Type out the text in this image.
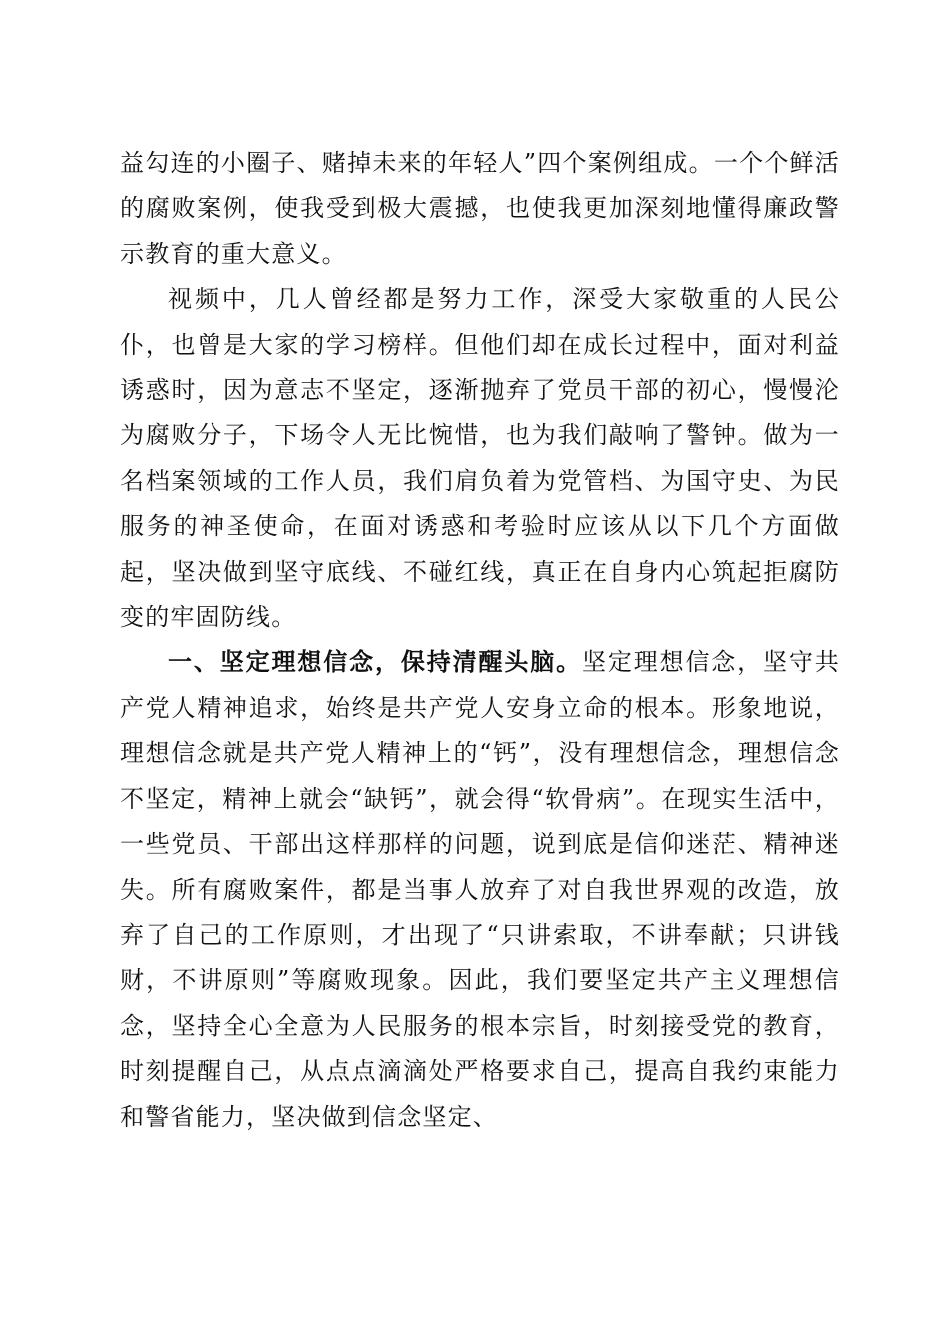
益勾连的小圈子、赌掉未来的年轻人”四个案例组成。一个个鲜活的腐败案例，使我受到极大震撼，也使我更加深刻地懂得廉政警示教育的重大意义。

视频中，几人曾经都是努力工作，深受大家敬重的人民公仆，也曾是大家的学习榜样。但他们却在成长过程中，面对利益诱惑时，因为意志不坚定，逐渐抛弃了党员干部的初心，慢慢沦为腐败分子，下场令人无比惋惜，也为我们敲响了警钟。做为一名档案领域的工作人员，我们肩负着为党管档、为国守史、为民服务的神圣使命，在面对诱惑和考验时应该从以下几个方面做起，坚决做到坚守底线、不碰红线，真正在自身内心筑起拒腐防变的牢固防线。

一、坚定理想信念，保持清醒头脑。坚定理想信念，坚守共产党人精神追求，始终是共产党人安身立命的根本。形象地说，理想信念就是共产党人精神上的“钙”，没有理想信念，理想信念不坚定，精神上就会“缺钙”，就会得“软骨病”。在现实生活中，一些党员、干部出这样那样的问题，说到底是信仰迷茫、精神迷失。所有腐败案件，都是当事人放弃了对自我世界观的改造，放弃了自己的工作原则，才出现了“只讲索取，不讲奉献；只讲钱财，不讲原则”等腐败现象。因此，我们要坚定共产主义理想信念，坚持全心全意为人民服务的根本宗旨，时刻接受党的教育，时刻提醒自己，从点点滴滴处严格要求自己，提高自我约束能力和警省能力，坚决做到信念坚定、
